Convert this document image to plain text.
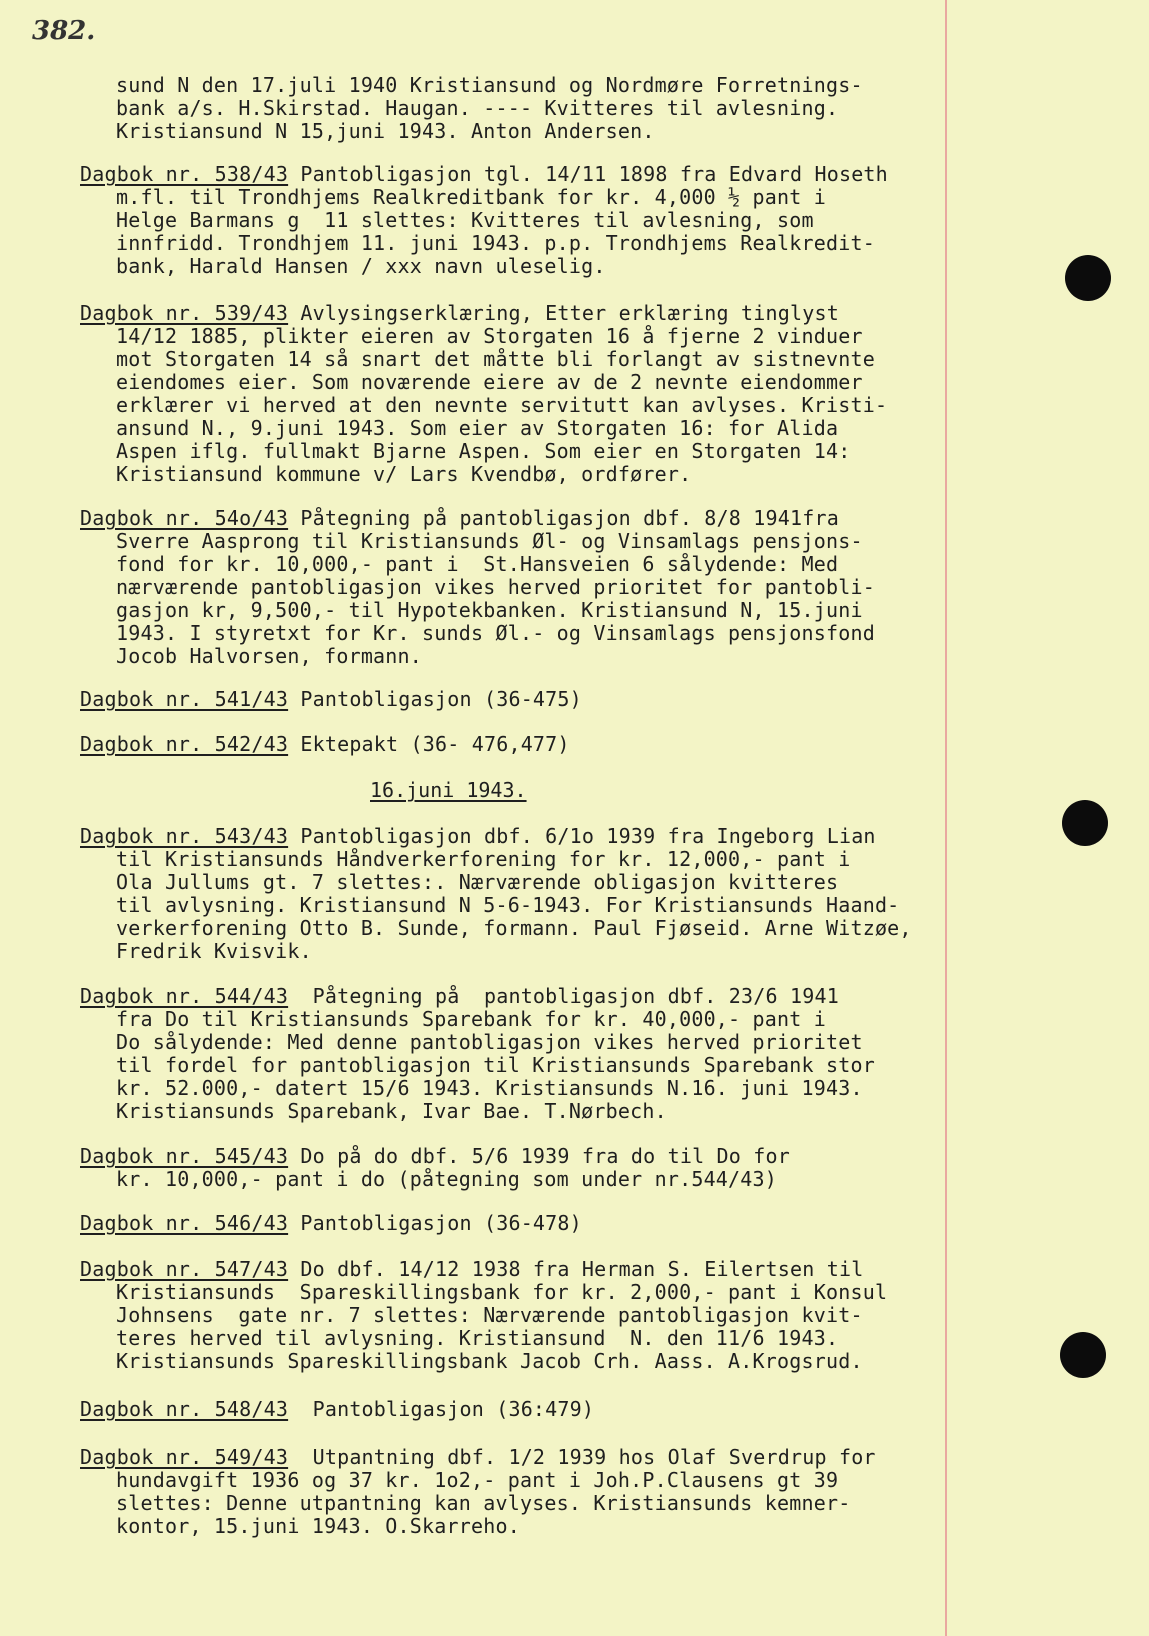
382.
sund N den 17.juli 1940 Kristiansund og Nordmøre Forretnings-
bank a/s. H.Skirstad. Haugan. ---- Kvitteres til avlesning.
Kristiansund N 15,juni 1943. Anton Andersen.
Dagbok nr. 538/43 Pantobligasjon tgl. 14/11 1898 fra Edvard Hoseth
m.fl. til Trondhjems Realkreditbank for kr. 4,000 ½ pant i
Helge Barmans g  11 slettes: Kvitteres til avlesning, som
innfridd. Trondhjem 11. juni 1943. p.p. Trondhjems Realkredit-
bank, Harald Hansen / xxx navn uleselig.
Dagbok nr. 539/43 Avlysingserklæring, Etter erklæring tinglyst
14/12 1885, plikter eieren av Storgaten 16 å fjerne 2 vinduer
mot Storgaten 14 så snart det måtte bli forlangt av sistnevnte
eiendomes eier. Som noværende eiere av de 2 nevnte eiendommer
erklærer vi herved at den nevnte servitutt kan avlyses. Kristi-
ansund N., 9.juni 1943. Som eier av Storgaten 16: for Alida
Aspen iflg. fullmakt Bjarne Aspen. Som eier en Storgaten 14:
Kristiansund kommune v/ Lars Kvendbø, ordfører.
Dagbok nr. 54o/43 Påtegning på pantobligasjon dbf. 8/8 1941fra
Sverre Aasprong til Kristiansunds Øl- og Vinsamlags pensjons-
fond for kr. 10,000,- pant i  St.Hansveien 6 sålydende: Med
nærværende pantobligasjon vikes herved prioritet for pantobli-
gasjon kr, 9,500,- til Hypotekbanken. Kristiansund N, 15.juni
1943. I styretxt for Kr. sunds Øl.- og Vinsamlags pensjonsfond
Jocob Halvorsen, formann.
Dagbok nr. 541/43 Pantobligasjon (36-475)
Dagbok nr. 542/43 Ektepakt (36- 476,477)
16.juni 1943.
Dagbok nr. 543/43 Pantobligasjon dbf. 6/1o 1939 fra Ingeborg Lian
til Kristiansunds Håndverkerforening for kr. 12,000,- pant i
Ola Jullums gt. 7 slettes:. Nærværende obligasjon kvitteres
til avlysning. Kristiansund N 5-6-1943. For Kristiansunds Haand-
verkerforening Otto B. Sunde, formann. Paul Fjøseid. Arne Witzøe,
Fredrik Kvisvik.
Dagbok nr. 544/43  Påtegning på  pantobligasjon dbf. 23/6 1941
fra Do til Kristiansunds Sparebank for kr. 40,000,- pant i
Do sålydende: Med denne pantobligasjon vikes herved prioritet
til fordel for pantobligasjon til Kristiansunds Sparebank stor
kr. 52.000,- datert 15/6 1943. Kristiansunds N.16. juni 1943.
Kristiansunds Sparebank, Ivar Bae. T.Nørbech.
Dagbok nr. 545/43 Do på do dbf. 5/6 1939 fra do til Do for
kr. 10,000,- pant i do (påtegning som under nr.544/43)
Dagbok nr. 546/43 Pantobligasjon (36-478)
Dagbok nr. 547/43 Do dbf. 14/12 1938 fra Herman S. Eilertsen til
Kristiansunds  Spareskillingsbank for kr. 2,000,- pant i Konsul
Johnsens  gate nr. 7 slettes: Nærværende pantobligasjon kvit-
teres herved til avlysning. Kristiansund  N. den 11/6 1943.
Kristiansunds Spareskillingsbank Jacob Crh. Aass. A.Krogsrud.
Dagbok nr. 548/43  Pantobligasjon (36:479)
Dagbok nr. 549/43  Utpantning dbf. 1/2 1939 hos Olaf Sverdrup for
hundavgift 1936 og 37 kr. 1o2,- pant i Joh.P.Clausens gt 39
slettes: Denne utpantning kan avlyses. Kristiansunds kemner-
kontor, 15.juni 1943. O.Skarreho.
